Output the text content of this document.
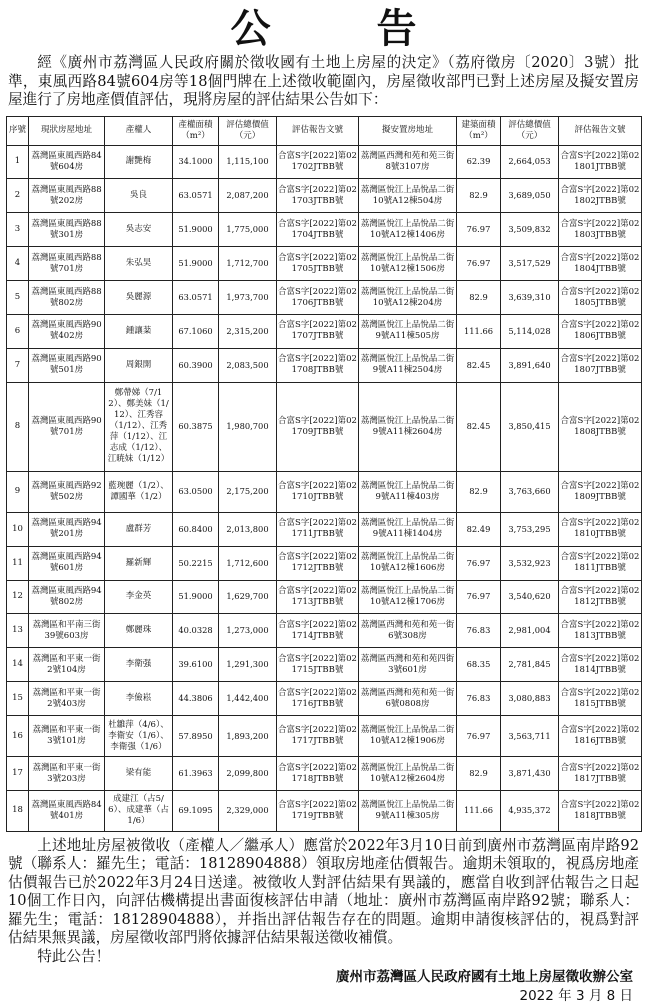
公 告

經《廣州市荔灣區人民政府關於徵收國有土地上房屋的決定》（荔府徵房〔2020〕3號）批準，東風西路84號604房等18個門牌在上述徵收範圍內，房屋徵收部門已對上述房屋及擬安置房屋進行了房地產價值評估，現將房屋的評估結果公告如下：

序號	現狀房屋地址	產權人	產權面積（m²）	評估總價值（元）	評估報告文號	擬安置房地址	建築面積（m²）	評估總價值（元）	評估報告文號
1	荔灣區東風西路84號604房	謝艷梅	34.1000	1,115,100	合富S字[2022]第021702JTBB號	荔灣區西灣和苑和苑三街8號3107房	62.39	2,664,053	合富S字[2022]第021801JTBB號
2	荔灣區東風西路88號202房	吳良	63.0571	2,087,200	合富S字[2022]第021703JTBB號	荔灣區悅江上品悅品二街10號A12棟504房	82.9	3,689,050	合富S字[2022]第021802JTBB號
3	荔灣區東風西路88號301房	吳志安	51.9000	1,775,000	合富S字[2022]第021704JTBB號	荔灣區悅江上品悅品二街10號A12棟1406房	76.97	3,509,832	合富S字[2022]第021803JTBB號
4	荔灣區東風西路88號701房	朱弘昊	51.9000	1,712,700	合富S字[2022]第021705JTBB號	荔灣區悅江上品悅品二街10號A12棟1506房	76.97	3,517,529	合富S字[2022]第021804JTBB號
5	荔灣區東風西路88號802房	吳麗源	63.0571	1,973,700	合富S字[2022]第021706JTBB號	荔灣區悅江上品悅品二街10號A12棟204房	82.9	3,639,310	合富S字[2022]第021805JTBB號
6	荔灣區東風西路90號402房	鍾讓棻	67.1060	2,315,200	合富S字[2022]第021707JTBB號	荔灣區悅江上品悅品二街9號A11棟505房	111.66	5,114,028	合富S字[2022]第021806JTBB號
7	荔灣區東風西路90號501房	周銀開	60.3900	2,083,500	合富S字[2022]第021708JTBB號	荔灣區悅江上品悅品二街9號A11棟2504房	82.45	3,891,640	合富S字[2022]第021807JTBB號
8	荔灣區東風西路90號701房	鄭帶娣（7/12）、鄭美妹（1/12）、江秀容（1/12）、江秀萍（1/12）、江志成（1/12）、江暁妹（1/12）	60.3875	1,980,700	合富S字[2022]第021709JTBB號	荔灣區悅江上品悅品二街9號A11棟2604房	82.45	3,850,415	合富S字[2022]第021808JTBB號
9	荔灣區東風西路92號502房	藍琬麗（1/2）、譚國華（1/2）	63.0500	2,175,200	合富S字[2022]第021710JTBB號	荔灣區悅江上品悅品二街9號A11棟403房	82.9	3,763,660	合富S字[2022]第021809JTBB號
10	荔灣區東風西路94號201房	盧群芳	60.8400	2,013,800	合富S字[2022]第021711JTBB號	荔灣區悅江上品悅品二街9號A11棟1404房	82.49	3,753,295	合富S字[2022]第021810JTBB號
11	荔灣區東風西路94號601房	羅新輝	50.2215	1,712,600	合富S字[2022]第021712JTBB號	荔灣區悅江上品悅品二街10號A12棟1606房	76.97	3,532,923	合富S字[2022]第021811JTBB號
12	荔灣區東風西路94號802房	李金英	51.9000	1,629,700	合富S字[2022]第021713JTBB號	荔灣區悅江上品悅品二街10號A12棟1706房	76.97	3,540,620	合富S字[2022]第021812JTBB號
13	荔灣區和平南三街39號603房	鄭麗珠	40.0328	1,273,000	合富S字[2022]第021714JTBB號	荔灣區西灣和苑和苑一街6號308房	76.83	2,981,004	合富S字[2022]第021813JTBB號
14	荔灣區和平東一街2號104房	李衛强	39.6100	1,291,300	合富S字[2022]第021715JTBB號	荔灣區西灣和苑和苑四街3號601房	68.35	2,781,845	合富S字[2022]第021814JTBB號
15	荔灣區和平東一街2號403房	李儉崧	44.3806	1,442,400	合富S字[2022]第021716JTBB號	荔灣區西灣和苑和苑一街6號0808房	76.83	3,080,883	合富S字[2022]第021815JTBB號
16	荔灣區和平東一街3號101房	杜雛萍（4/6）、李衛安（1/6）、李衛强（1/6）	57.8950	1,893,200	合富S字[2022]第021717JTBB號	荔灣區悅江上品悅品二街10號A12棟1906房	76.97	3,563,711	合富S字[2022]第021816JTBB號
17	荔灣區和平東一街3號203房	梁有能	61.3963	2,099,800	合富S字[2022]第021718JTBB號	荔灣區悅江上品悅品二街10號A12棟2604房	82.9	3,871,430	合富S字[2022]第021817JTBB號
18	荔灣區東風西路84號401房	成建江（占5/6）、成建華（占1/6）	69.1095	2,329,000	合富S字[2022]第021719JTBB號	荔灣區悅江上品悅品二街9號A11棟305房	111.66	4,935,372	合富S字[2022]第021818JTBB號

上述地址房屋被徵收（產權人／繼承人）應當於2022年3月10日前到廣州市荔灣區南岸路92號（聯系人：羅先生；電話：18128904888）領取房地產估價報告。逾期未領取的，視爲房地產估價報告已於2022年3月24日送達。被徵收人對評估結果有異議的，應當自收到評估報告之日起10個工作日內，向評估機構提出書面復核評估申請（地址：廣州市荔灣區南岸路92號；聯系人：羅先生；電話：18128904888），并指出評估報告存在的問題。逾期申請復核評估的，視爲對評估結果無異議，房屋徵收部門將依據評估結果報送徵收補償。

特此公告！

廣州市荔灣區人民政府國有土地上房屋徵收辦公室
2022 年 3 月 8 日
